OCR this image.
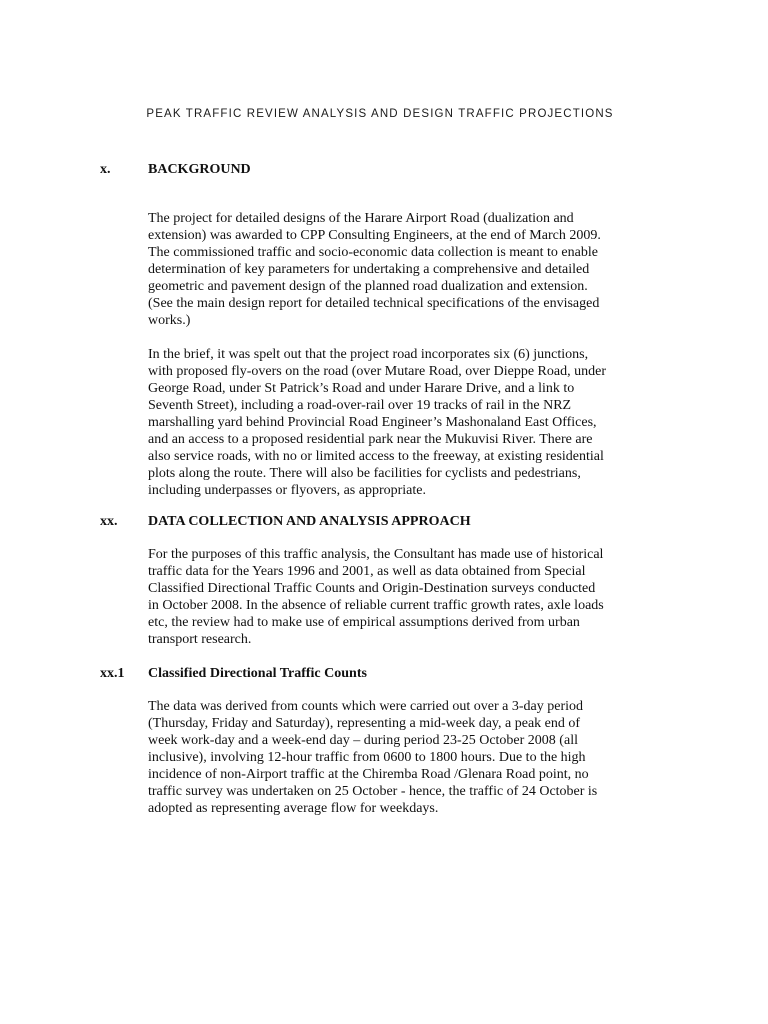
PEAK TRAFFIC REVIEW ANALYSIS AND DESIGN TRAFFIC PROJECTIONS
x.	BACKGROUND
The project for detailed designs of the Harare Airport Road (dualization and
extension) was awarded to CPP Consulting Engineers, at the end of March 2009.
The commissioned traffic and socio-economic data collection is meant to enable
determination of key parameters for undertaking a comprehensive and detailed
geometric and pavement design of the planned road dualization and extension.
(See the main design report for detailed technical specifications of the envisaged
works.)
In the brief, it was spelt out that the project road incorporates six (6) junctions,
with proposed fly-overs on the road (over Mutare Road, over Dieppe Road, under
George Road, under St Patrick’s Road and under Harare Drive, and a link to
Seventh Street), including a road-over-rail over 19 tracks of rail in the NRZ
marshalling yard behind Provincial Road Engineer’s Mashonaland East Offices,
and an access to a proposed residential park near the Mukuvisi River. There are
also service roads, with no or limited access to the freeway, at existing residential
plots along the route. There will also be facilities for cyclists and pedestrians,
including underpasses or flyovers, as appropriate.
xx. DATA COLLECTION AND ANALYSIS APPROACH
For the purposes of this traffic analysis, the Consultant has made use of historical
traffic data for the Years 1996 and 2001, as well as data obtained from Special
Classified Directional Traffic Counts and Origin-Destination surveys conducted
in October 2008. In the absence of reliable current traffic growth rates, axle loads
etc, the review had to make use of empirical assumptions derived from urban
transport research.
xx.1 Classified Directional Traffic Counts
The data was derived from counts which were carried out over a 3-day period
(Thursday, Friday and Saturday), representing a mid-week day, a peak end of
week work-day and a week-end day – during period 23-25 October 2008 (all
inclusive), involving 12-hour traffic from 0600 to 1800 hours. Due to the high
incidence of non-Airport traffic at the Chiremba Road /Glenara Road point, no
traffic survey was undertaken on 25 October - hence, the traffic of 24 October is
adopted as representing average flow for weekdays.
